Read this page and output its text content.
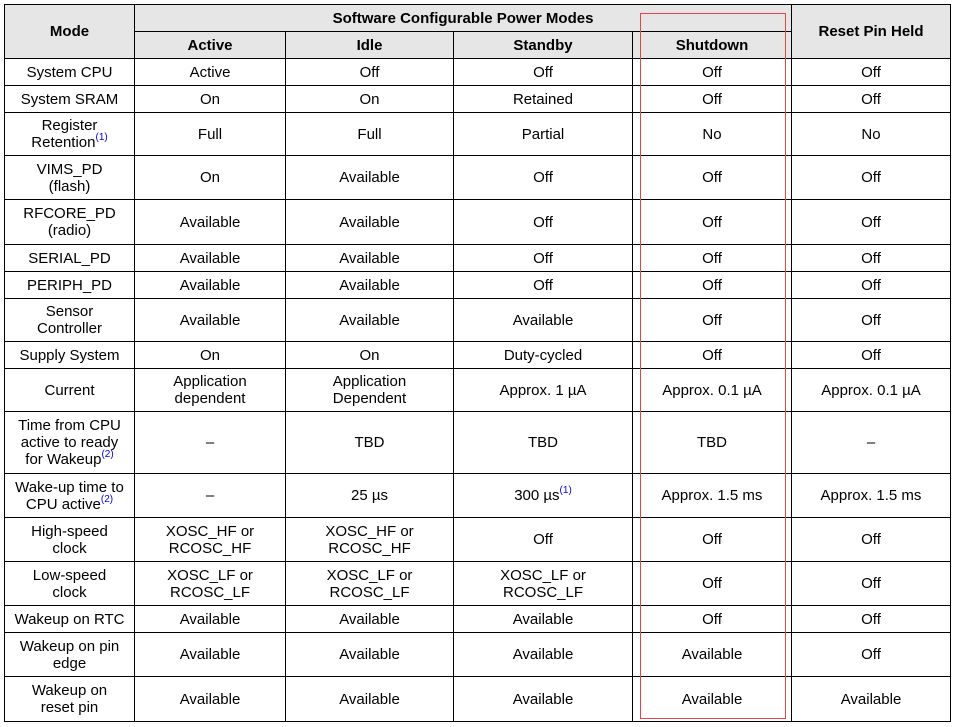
Mode	Software Configurable Power Modes				Reset Pin Held
	Active	Idle	Standby	Shutdown	
System CPU	Active	Off	Off	Off	Off
System SRAM	On	On	Retained	Off	Off
Register
Retention$^{(1)}$	Full	Full	Partial	No	No
VIMS_PD
(flash)	On	Available	Off	Off	Off
RFCORE_PD
(radio)	Available	Available	Off	Off	Off
SERIAL_PD	Available	Available	Off	Off	Off
PERIPH_PD	Available	Available	Off	Off	Off
Sensor
Controller	Available	Available	Available	Off	Off
Supply System	On	On	Duty-cycled	Off	Off
Current	Application
dependent	Application
Dependent	Approx. 1 µA	Approx. 0.1 µA	Approx. 0.1 µA
Time from CPU
active to ready
for Wakeup$^{(2)}$	–	TBD	TBD	TBD	–
Wake-up time to
CPU active$^{(2)}$	–	25 µs	300 µs$^{(1)}$	Approx. 1.5 ms	Approx. 1.5 ms
High-speed
clock	XOSC_HF or
RCOSC_HF	XOSC_HF or
RCOSC_HF	Off	Off	Off
Low-speed
clock	XOSC_LF or
RCOSC_LF	XOSC_LF or
RCOSC_LF	XOSC_LF or
RCOSC_LF	Off	Off
Wakeup on RTC	Available	Available	Available	Off	Off
Wakeup on pin
edge	Available	Available	Available	Available	Off
Wakeup on
reset pin	Available	Available	Available	Available	Available
